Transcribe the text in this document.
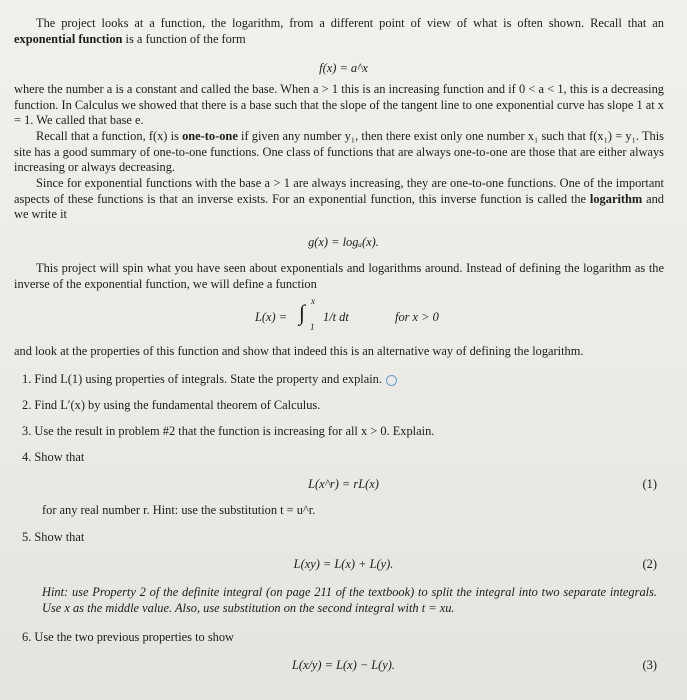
The project looks at a function, the logarithm, from a different point of view of what is often shown. Recall that an exponential function is a function of the form

f(x) = a^x

where the number a is a constant and called the base. When a > 1 this is an increasing function and if 0 < a < 1, this is a decreasing function. In Calculus we showed that there is a base such that the slope of the tangent line to one exponential curve has slope 1 at x = 1. We called that base e.

Recall that a function, f(x) is one-to-one if given any number y₁, then there exist only one number x₁ such that f(x₁) = y₁. This site has a good summary of one-to-one functions. One class of functions that are always one-to-one are those that are either always increasing or always decreasing.

Since for exponential functions with the base a > 1 are always increasing, they are one-to-one functions. One of the important aspects of these functions is that an inverse exists. For an exponential function, this inverse function is called the logarithm and we write it

g(x) = logₐ(x).

This project will spin what you have seen about exponentials and logarithms around. Instead of defining the logarithm as the inverse of the exponential function, we will define a function

L(x) = ∫ x
1
1/t dt	for x > 0

and look at the properties of this function and show that indeed this is an alternative way of defining the logarithm.

1. Find L(1) using properties of integrals. State the property and explain.
2. Find L′(x) by using the fundamental theorem of Calculus.
3. Use the result in problem #2 that the function is increasing for all x > 0. Explain.
4. Show that
L(x^r) = rL(x)	(1)
for any real number r. Hint: use the substitution t = u^r.
5. Show that
L(xy) = L(x) + L(y).	(2)
Hint: use Property 2 of the definite integral (on page 211 of the textbook) to split the integral into two separate integrals. Use x as the middle value. Also, use substitution on the second integral with t = xu.
6. Use the two previous properties to show
L(x/y) = L(x) − L(y).	(3)
